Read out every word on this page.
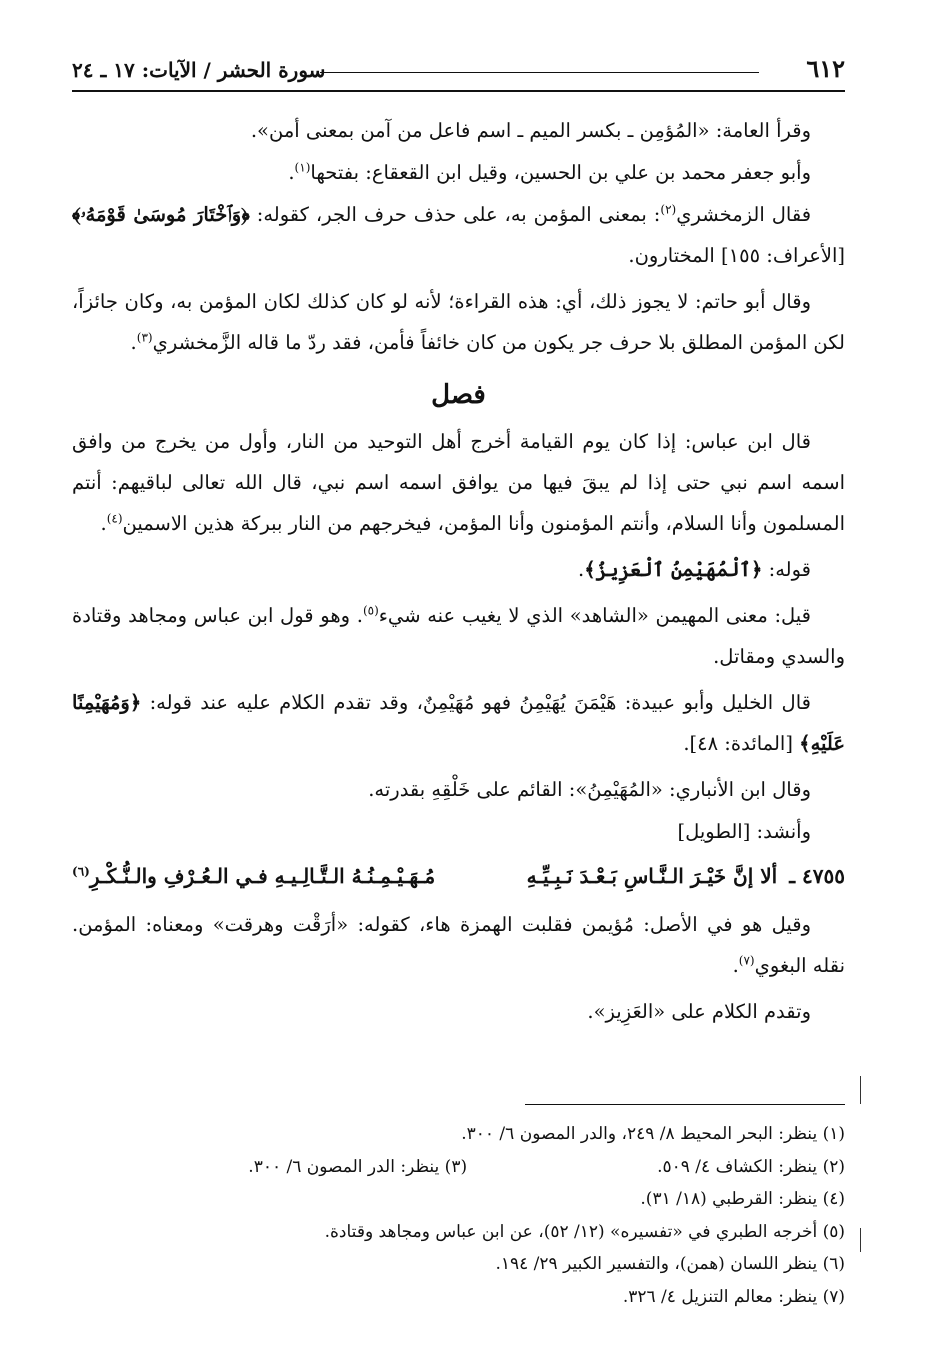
٦١٢
سورة الحشر / الآيات: ١٧ ـ ٢٤

وقرأ العامة: «المُؤمِن ـ بكسر الميم ـ اسم فاعل من آمن بمعنى أمن».

وأبو جعفر محمد بن علي بن الحسين، وقيل ابن القعقاع: بفتحها$^{(١)}$.

فقال الزمخشري$^{(٢)}$: بمعنى المؤمن به، على حذف حرف الجر، كقوله: ﴿وَٱخْتَارَ مُوسَىٰ قَوْمَهُۥ﴾ [الأعراف: ١٥٥] المختارون.

وقال أبو حاتم: لا يجوز ذلك، أي: هذه القراءة؛ لأنه لو كان كذلك لكان المؤمن به، وكان جائزاً، لكن المؤمن المطلق بلا حرف جر يكون من كان خائفاً فأمن، فقد ردّ ما قاله الزَّمخشري$^{(٣)}$.

فصل

قال ابن عباس: إذا كان يوم القيامة أخرج أهل التوحيد من النار، وأول من يخرج من وافق اسمه اسم نبي حتى إذا لم يبقَ فيها من يوافق اسمه اسم نبي، قال الله تعالى لباقيهم: أنتم المسلمون وأنا السلام، وأنتم المؤمنون وأنا المؤمن، فيخرجهم من النار ببركة هذين الاسمين$^{(٤)}$.

قوله: ﴿ٱلْمُهَيْمِنُ ٱلْعَزِيزُ﴾.

قيل: معنى المهيمن «الشاهد» الذي لا يغيب عنه شيء$^{(٥)}$. وهو قول ابن عباس ومجاهد وقتادة والسدي ومقاتل.

قال الخليل وأبو عبيدة: هَيْمَنَ يُهَيْمِنُ فهو مُهَيْمِنٌ، وقد تقدم الكلام عليه عند قوله: ﴿وَمُهَيْمِنًا عَلَيْهِ﴾ [المائدة: ٤٨].

وقال ابن الأنباري: «المُهَيْمِنُ»: القائم على خَلْقِهِ بقدرته.

وأنشد: [الطويل]

٤٧٥٥ ـ
ألا إنَّ خَيْـرَ الـنَّـاسِ بَـعْـدَ نَـبِـيِّـهِ
مُـهَـيْـمِـنُـهُ الـتَّـالِـيـهِ فـي الـعُـرْفِ والـنُّـكْـرِ$^{(٦)}$

وقيل هو في الأصل: مُؤيمن فقلبت الهمزة هاء، كقوله: «أرَقْت وهرقت» ومعناه: المؤمن. نقله البغوي$^{(٧)}$.

وتقدم الكلام على «العَزِيز».

(١) ينظر: البحر المحيط ٨/ ٢٤٩، والدر المصون ٦/ ٣٠٠.
(٢) ينظر: الكشاف ٤/ ٥٠٩.
(٣) ينظر: الدر المصون ٦/ ٣٠٠.
(٤) ينظر: القرطبي (١٨/ ٣١).
(٥) أخرجه الطبري في «تفسيره» (١٢/ ٥٢)، عن ابن عباس ومجاهد وقتادة.
(٦) ينظر اللسان (همن)، والتفسير الكبير ٢٩/ ١٩٤.
(٧) ينظر: معالم التنزيل ٤/ ٣٢٦.
